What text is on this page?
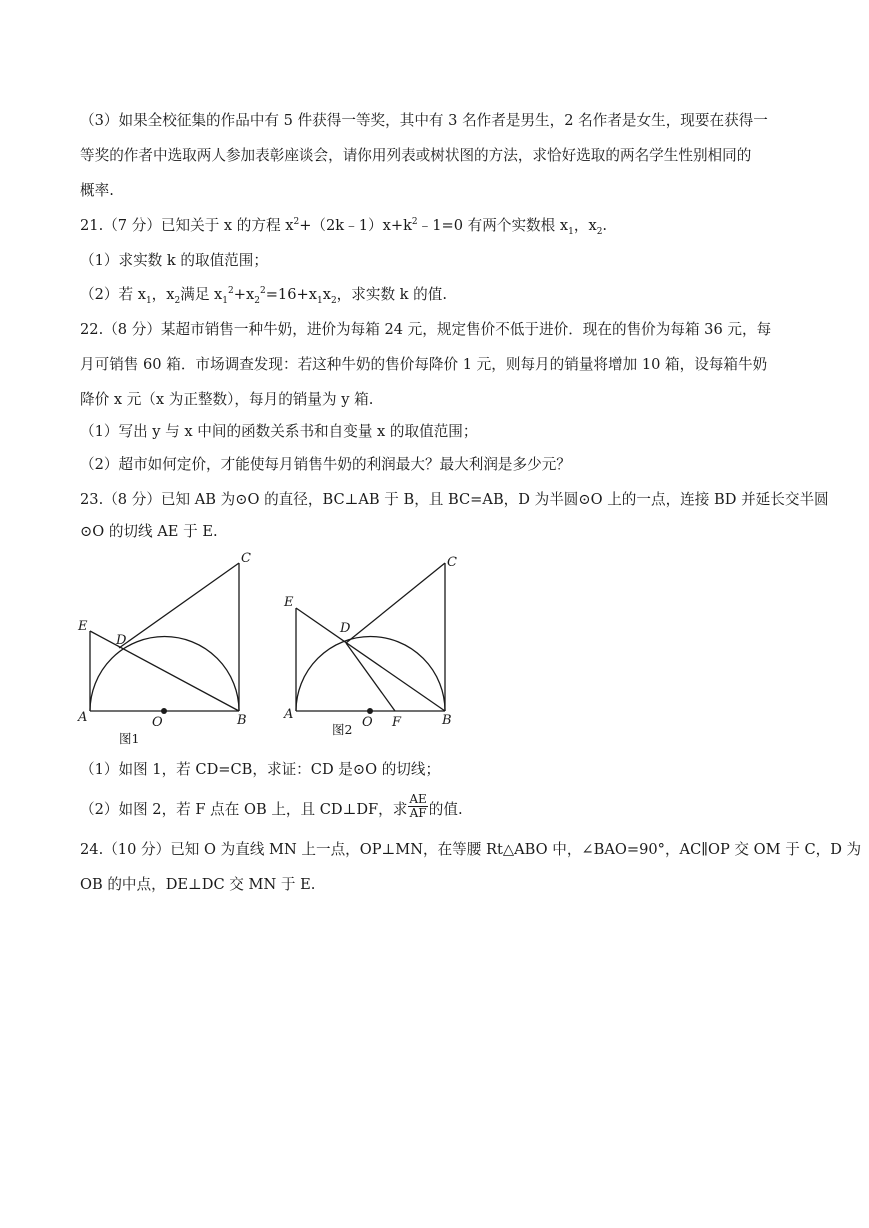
（3）如果全校征集的作品中有 5 件获得一等奖，其中有 3 名作者是男生，2 名作者是女生，现要在获得一
等奖的作者中选取两人参加表彰座谈会，请你用列表或树状图的方法，求恰好选取的两名学生性别相同的
概率.
21.（7 分）已知关于 x 的方程 $x^2+(2k﹣1)x+k^2﹣1=0$ 有两个实数根 $x_1$，$x_2$.
（1）求实数 k 的取值范围；
（2）若 $x_1$，$x_2$满足 $x_1^2+x_2^2=16+x_1x_2$，求实数 k 的值.
22.（8 分）某超市销售一种牛奶，进价为每箱 24 元，规定售价不低于进价．现在的售价为每箱 36 元，每
月可销售 60 箱．市场调查发现：若这种牛奶的售价每降价 1 元，则每月的销量将增加 10 箱，设每箱牛奶
降价 x 元（x 为正整数），每月的销量为 y 箱.
（1）写出 y 与 x 中间的函数关系书和自变量 x 的取值范围；
（2）超市如何定价，才能使每月销售牛奶的利润最大？最大利润是多少元？
23.（8 分）已知 AB 为⊙O 的直径，BC⊥AB 于 B，且 BC=AB，D 为半圆⊙O 上的一点，连接 BD 并延长交半圆
⊙O 的切线 AE 于 E.
C
E
D
A	B
O
图1
C
E
D
A	B
O F
图2
（1）如图 1，若 CD=CB，求证：CD 是⊙O 的切线；
（2）如图 2，若 F 点在 OB 上，且 CD⊥DF，求 $\frac{AE}{AF}$ 的值.
24.（10 分）已知 O 为直线 MN 上一点，OP⊥MN，在等腰 Rt△ABO 中，∠BAO=90°，AC∥OP 交 OM 于 C，D 为
OB 的中点，DE⊥DC 交 MN 于 E.
